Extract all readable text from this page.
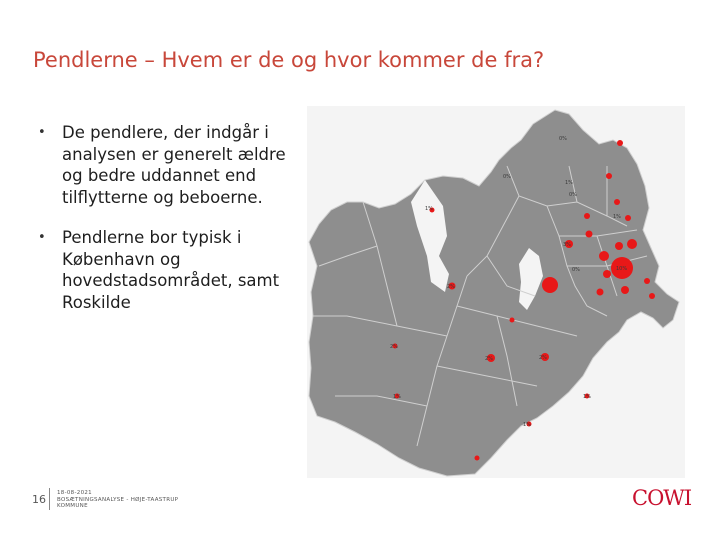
Pendlerne – Hvem er de og hvor kommer de fra?
• De pendlere, der indgår i analysen er generelt ældre og bedre uddannet end tilflytterne og beboerne.
• Pendlerne bor typisk i København og hovedstadsområdet, samt Roskilde
0%
0%
0%
0%
1%
1%
1%
1%
1%
1%
2%
2%	2%
2%
3%
10%
16 18-08-2021
BOSÆTNINGSANALYSE - HØJE-TAASTRUP
KOMMUNE	COWI
